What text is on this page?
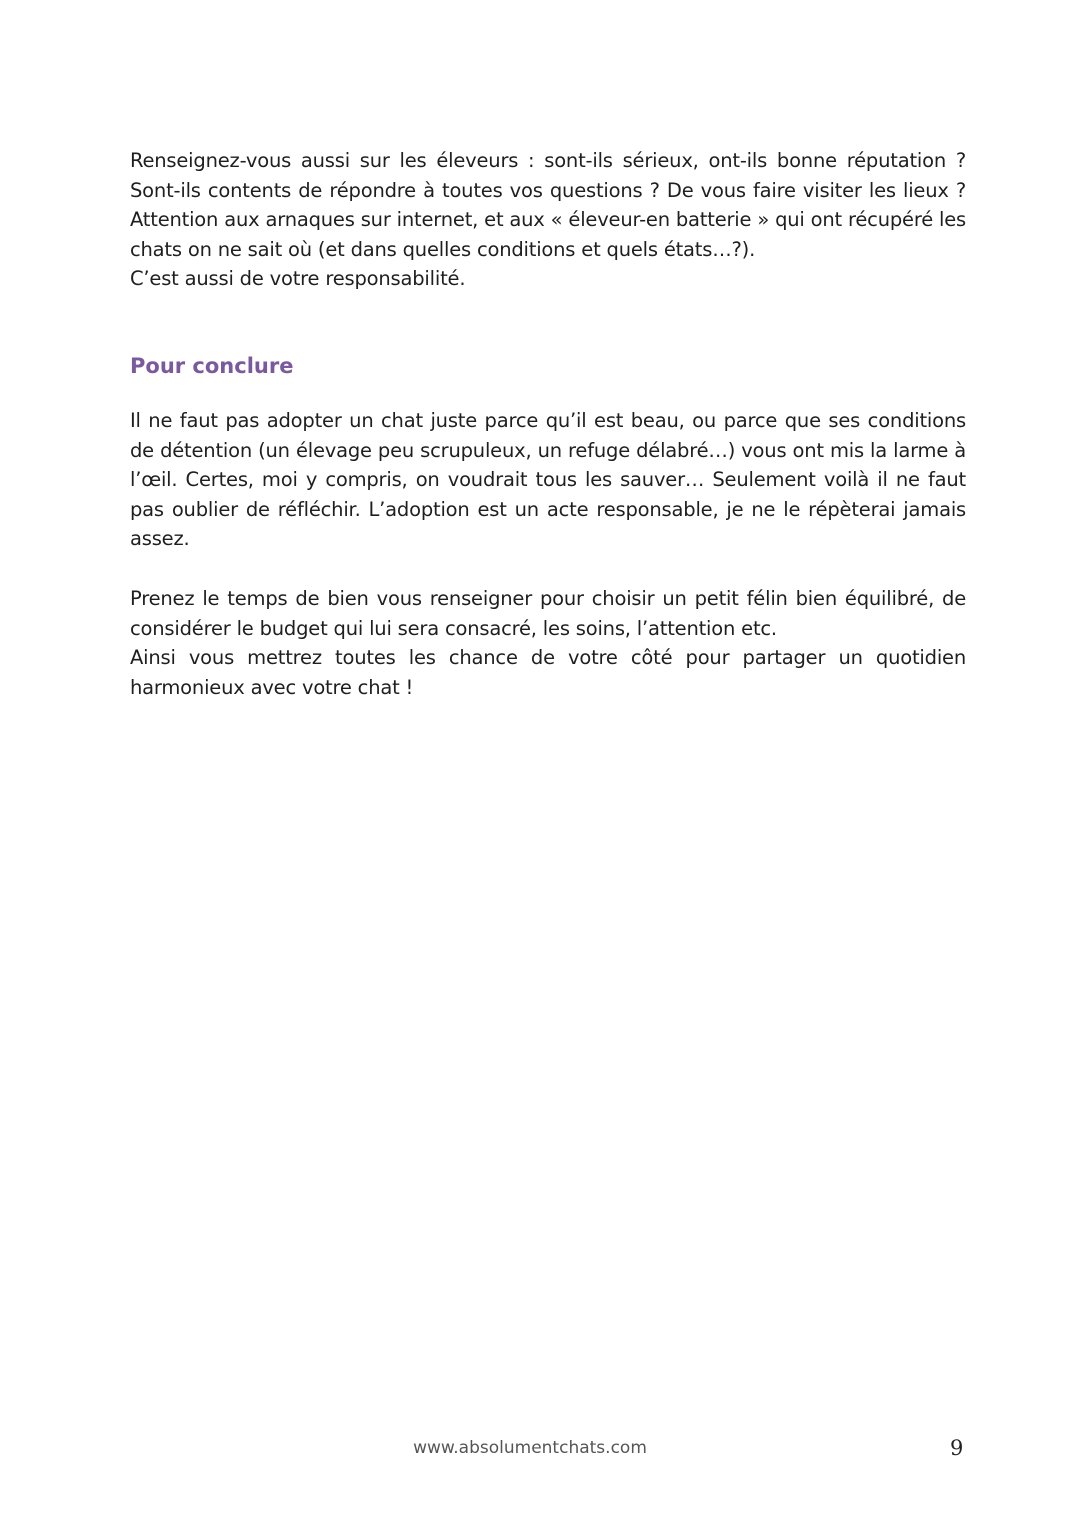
Renseignez-vous aussi sur les éleveurs : sont-ils sérieux, ont-ils bonne réputation ? Sont-ils contents de répondre à toutes vos questions ? De vous faire visiter les lieux ? Attention aux arnaques sur internet, et aux « éleveur-en batterie » qui ont récupéré les chats on ne sait où (et dans quelles conditions et quels états…?).

C’est aussi de votre responsabilité.

Pour conclure

Il ne faut pas adopter un chat juste parce qu’il est beau, ou parce que ses conditions de détention (un élevage peu scrupuleux, un refuge délabré…) vous ont mis la larme à l’œil. Certes, moi y compris, on voudrait tous les sauver… Seulement voilà il ne faut pas oublier de réfléchir. L’adoption est un acte responsable, je ne le répèterai jamais assez.

Prenez le temps de bien vous renseigner pour choisir un petit félin bien équilibré, de considérer le budget qui lui sera consacré, les soins, l’attention etc.

Ainsi vous mettrez toutes les chance de votre côté pour partager un quotidien harmonieux avec votre chat !

www.absolumentchats.com	9
